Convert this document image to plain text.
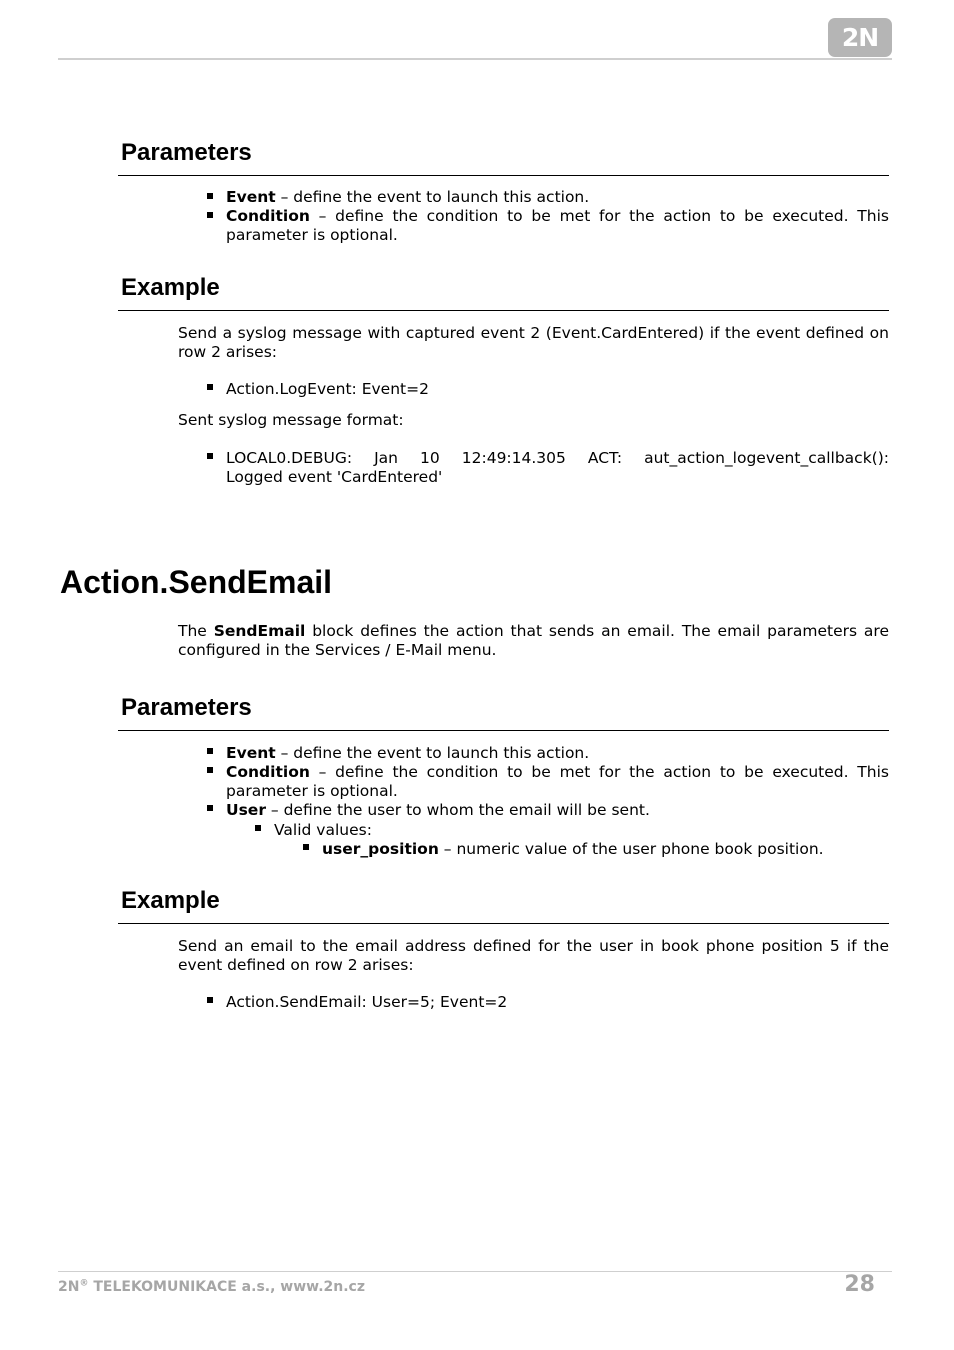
2N
Parameters
Event – define the event to launch this action.
Condition – define the condition to be met for the action to be executed. This parameter is optional.
Example
Send a syslog message with captured event 2 (Event.CardEntered) if the event defined on row 2 arises:
Action.LogEvent: Event=2
Sent syslog message format:
LOCAL0.DEBUG:  Jan  10  12:49:14.305  ACT:  aut_action_logevent_callback(): Logged event 'CardEntered'
Action.SendEmail
The SendEmail block defines the action that sends an email. The email parameters are configured in the Services / E-Mail menu.
Parameters
Event – define the event to launch this action.
Condition – define the condition to be met for the action to be executed. This parameter is optional.
User – define the user to whom the email will be sent.
Valid values:
user_position – numeric value of the user phone book position.
Example
Send an email to the email address defined for the user in book phone position 5 if the event defined on row 2 arises:
Action.SendEmail: User=5; Event=2
2N® TELEKOMUNIKACE a.s., www.2n.cz	28
